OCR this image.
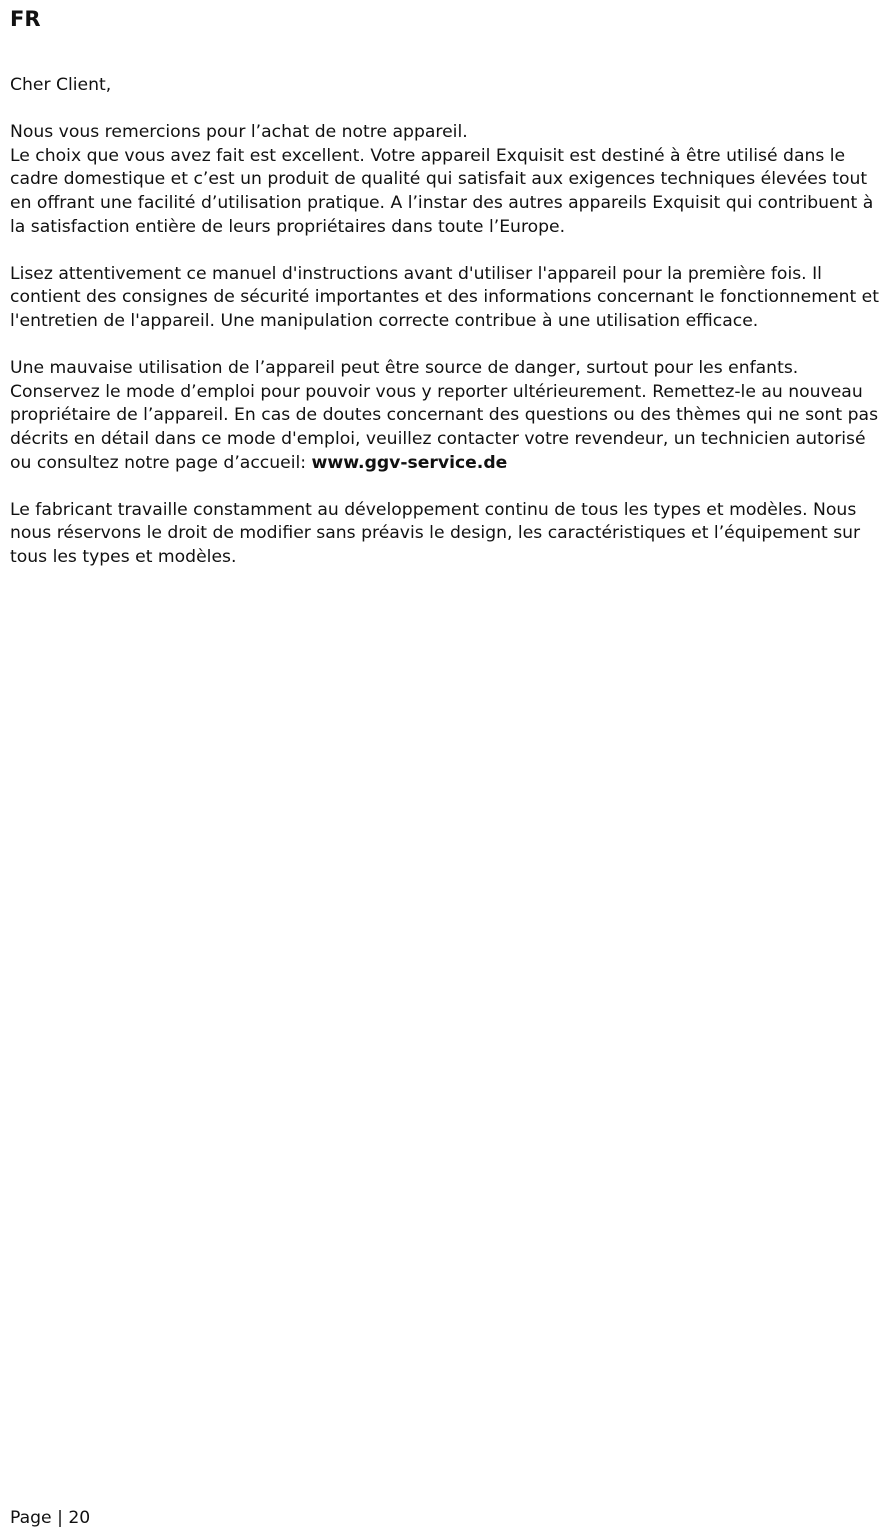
FR

Cher Client,

Nous vous remercions pour l’achat de notre appareil.

Le choix que vous avez fait est excellent. Votre appareil Exquisit est destiné à être utilisé dans le cadre domestique et c’est un produit de qualité qui satisfait aux exigences techniques élevées tout en offrant une facilité d’utilisation pratique. A l’instar des autres appareils Exquisit qui contribuent à la satisfaction entière de leurs propriétaires dans toute l’Europe.

Lisez attentivement ce manuel d'instructions avant d'utiliser l'appareil pour la première fois. Il contient des consignes de sécurité importantes et des informations concernant le fonctionnement et l'entretien de l'appareil. Une manipulation correcte contribue à une utilisation efficace.

Une mauvaise utilisation de l’appareil peut être source de danger, surtout pour les enfants. Conservez le mode d’emploi pour pouvoir vous y reporter ultérieurement. Remettez-le au nouveau propriétaire de l’appareil. En cas de doutes concernant des questions ou des thèmes qui ne sont pas décrits en détail dans ce mode d'emploi, veuillez contacter votre revendeur, un technicien autorisé ou consultez notre page d’accueil: www.ggv-service.de

Le fabricant travaille constamment au développement continu de tous les types et modèles. Nous nous réservons le droit de modifier sans préavis le design, les caractéristiques et l’équipement sur tous les types et modèles.

Page | 20
